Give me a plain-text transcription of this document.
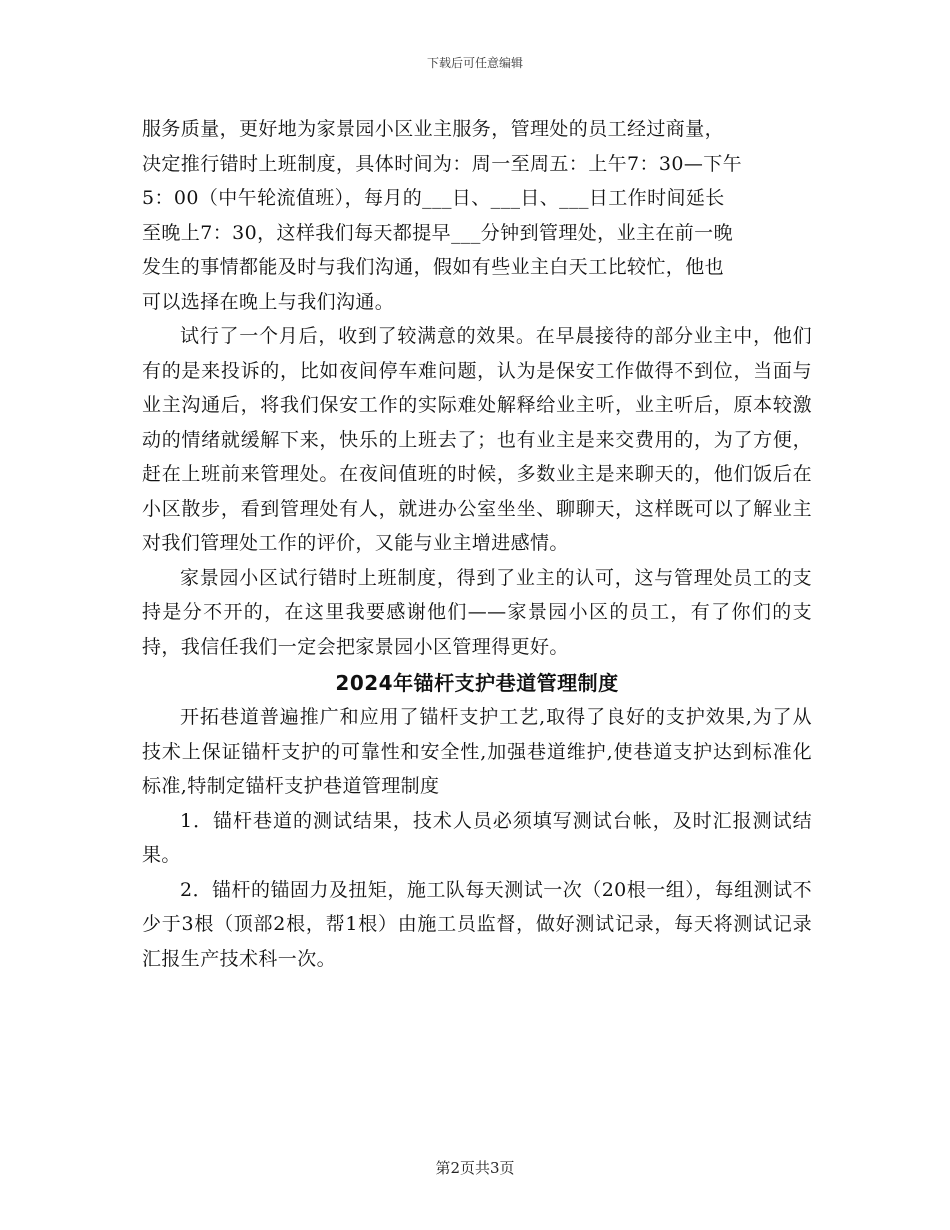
下载后可任意编辑

服务质量，更好地为家景园小区业主服务，管理处的员工经过商量，

决定推行错时上班制度，具体时间为：周一至周五：上午7：30—下午

5：00（中午轮流值班），每月的___日、___日、___日工作时间延长

至晚上7：30，这样我们每天都提早___分钟到管理处，业主在前一晚

发生的事情都能及时与我们沟通，假如有些业主白天工比较忙，他也

可以选择在晚上与我们沟通。

试行了一个月后，收到了较满意的效果。在早晨接待的部分业主中，他们有的是来投诉的，比如夜间停车难问题，认为是保安工作做得不到位，当面与业主沟通后，将我们保安工作的实际难处解释给业主听，业主听后，原本较激动的情绪就缓解下来，快乐的上班去了；也有业主是来交费用的，为了方便，赶在上班前来管理处。在夜间值班的时候，多数业主是来聊天的，他们饭后在小区散步，看到管理处有人，就进办公室坐坐、聊聊天，这样既可以了解业主对我们管理处工作的评价，又能与业主增进感情。

家景园小区试行错时上班制度，得到了业主的认可，这与管理处员工的支持是分不开的，在这里我要感谢他们——家景园小区的员工，有了你们的支持，我信任我们一定会把家景园小区管理得更好。

2024年锚杆支护巷道管理制度

开拓巷道普遍推广和应用了锚杆支护工艺,取得了良好的支护效果,为了从技术上保证锚杆支护的可靠性和安全性,加强巷道维护,使巷道支护达到标准化标准,特制定锚杆支护巷道管理制度

1．锚杆巷道的测试结果，技术人员必须填写测试台帐，及时汇报测试结果。

2．锚杆的锚固力及扭矩，施工队每天测试一次（20根一组），每组测试不少于3根（顶部2根，帮1根）由施工员监督，做好测试记录，每天将测试记录汇报生产技术科一次。

第2页共3页
